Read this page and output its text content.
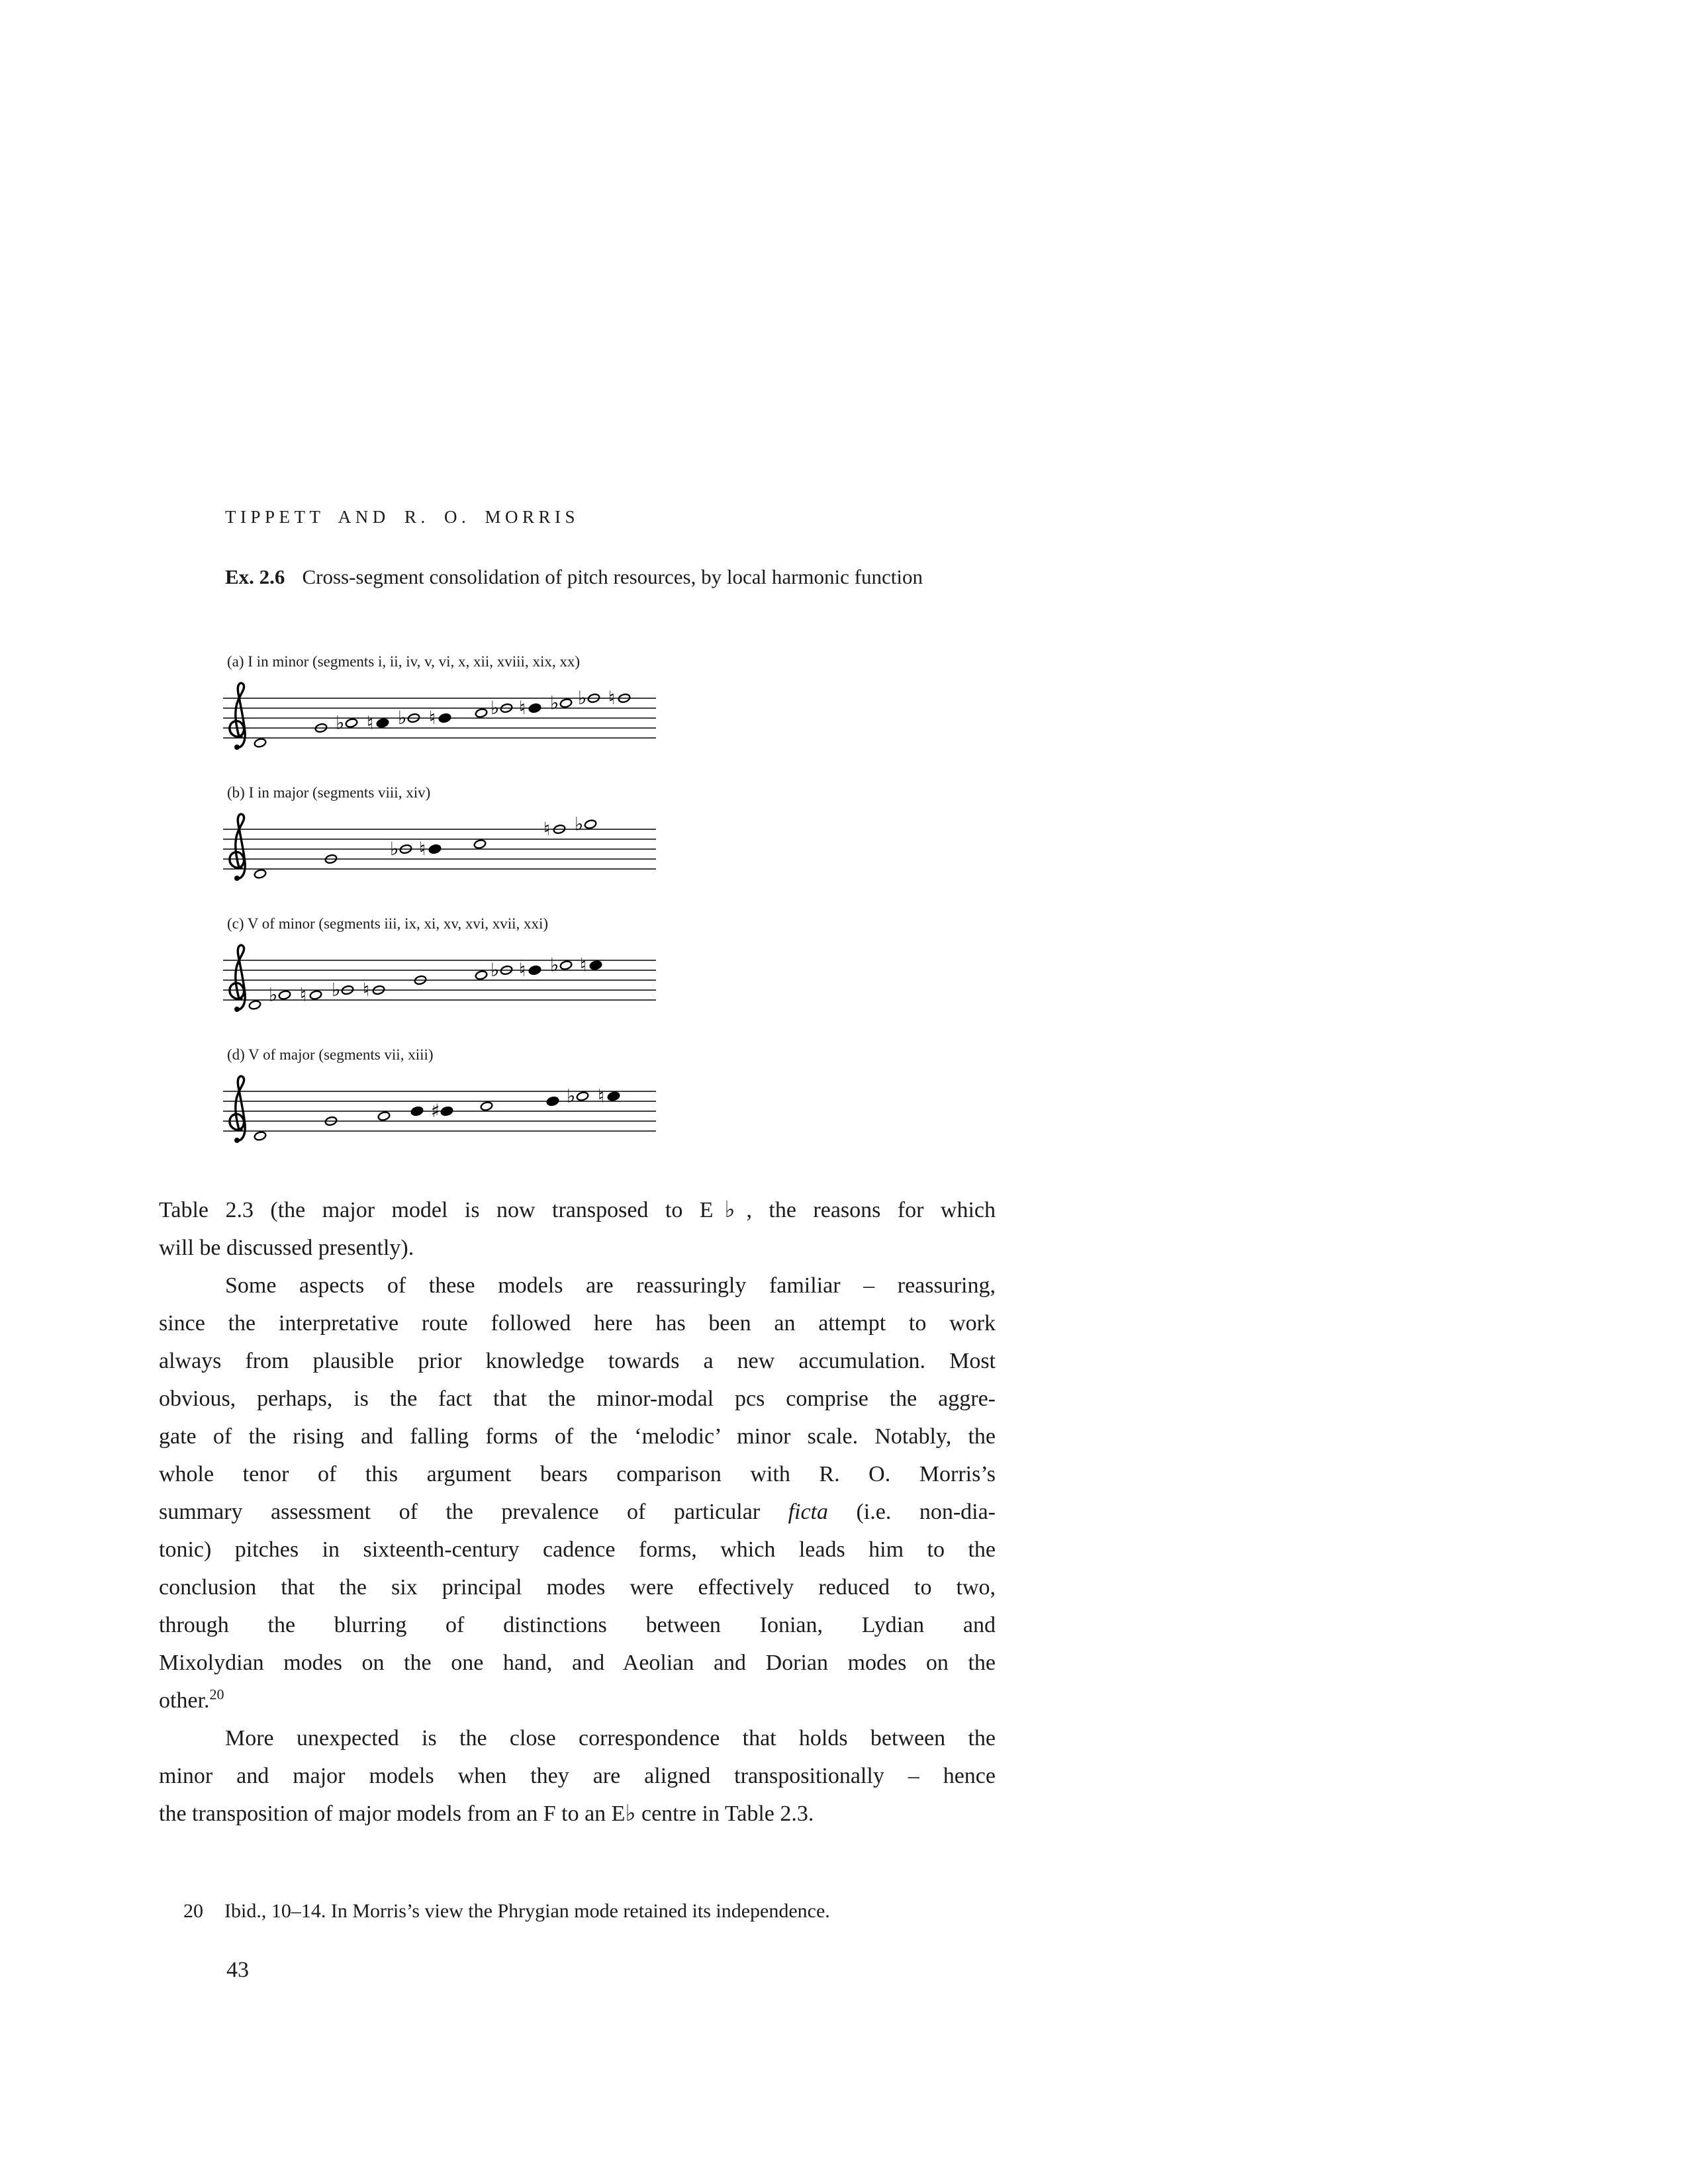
TIPPETT AND R. O. MORRIS
Ex. 2.6 Cross-segment consolidation of pitch resources, by local harmonic function
(a) I in minor (segments i, ii, iv, v, vi, x, xii, xviii, xix, xx)
♭ ♮ ♭ ♮	♭ ♮ ♭ ♭ ♮
(b) I in major (segments viii, xiv)
♭ ♮
♮ ♭
(c) V of minor (segments iii, ix, xi, xv, xvi, xvii, xxi)
♭ ♮ ♭ ♮
♭ ♮ ♭ ♮
(d) V of major (segments vii, xiii)
♯
♭ ♮
Table 2.3 (the major model is now transposed to E♭, the reasons for which
will be discussed presently).
Some aspects of these models are reassuringly familiar – reassuring,
since the interpretative route followed here has been an attempt to work
always from plausible prior knowledge towards a new accumulation. Most
obvious, perhaps, is the fact that the minor-modal pcs comprise the aggre-
gate of the rising and falling forms of the ‘melodic’ minor scale. Notably, the
whole tenor of this argument bears comparison with R. O. Morris’s
summary assessment of the prevalence of particular ficta (i.e. non-dia-
tonic) pitches in sixteenth-century cadence forms, which leads him to the
conclusion that the six principal modes were effectively reduced to two,
through the blurring of distinctions between Ionian, Lydian and
Mixolydian modes on the one hand, and Aeolian and Dorian modes on the
other.$^{20}$
More unexpected is the close correspondence that holds between the
minor and major models when they are aligned transpositionally – hence
the transposition of major models from an F to an E♭ centre in Table 2.3.
20 Ibid., 10–14. In Morris’s view the Phrygian mode retained its independence.
43
